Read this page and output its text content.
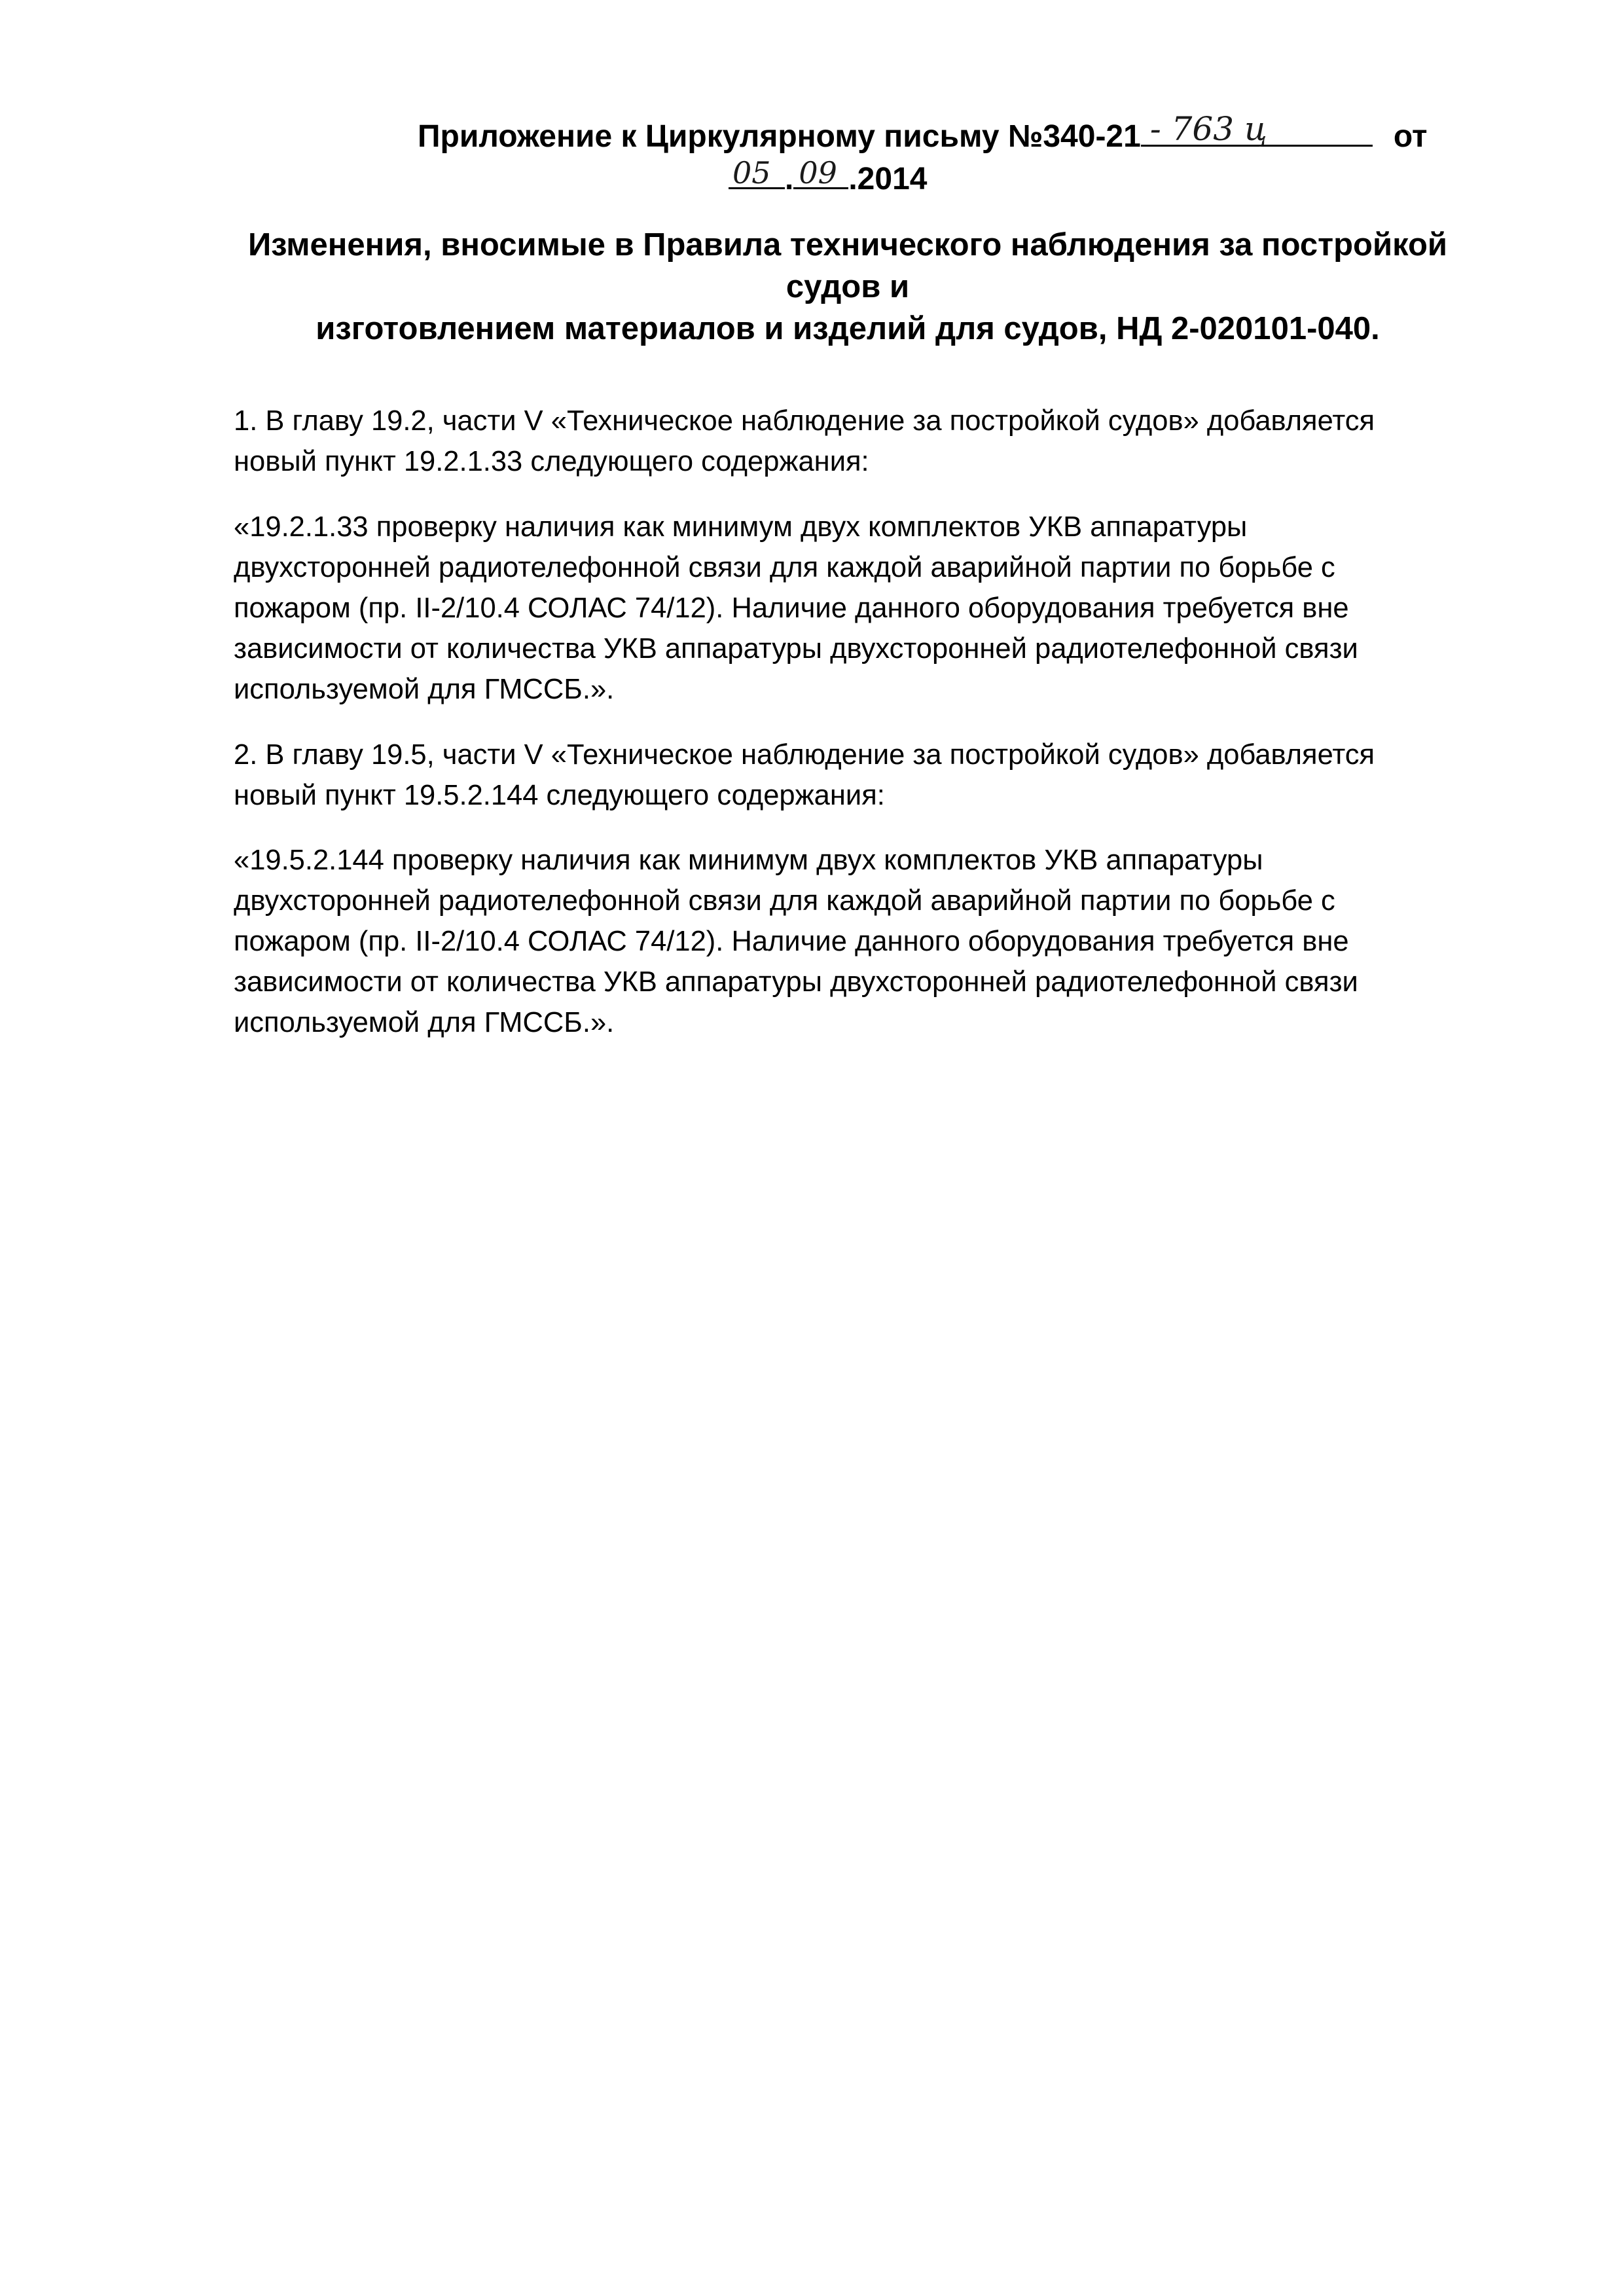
Приложение к Циркулярному письму №340-21 - 763 ц	от
05 . 09 .2014
Изменения, вносимые в Правила технического наблюдения за постройкой судов и
изготовлением материалов и изделий для судов, НД 2-020101-040.
1. В главу 19.2, части V «Техническое наблюдение за постройкой судов» добавляется
новый пункт 19.2.1.33 следующего содержания:
«19.2.1.33 проверку наличия как минимум двух комплектов УКВ аппаратуры
двухсторонней радиотелефонной связи для каждой аварийной партии по борьбе с
пожаром (пр. II-2/10.4 СОЛАС 74/12). Наличие данного оборудования требуется вне
зависимости от количества УКВ аппаратуры двухсторонней радиотелефонной связи
используемой для ГМССБ.».
2. В главу 19.5, части V «Техническое наблюдение за постройкой судов» добавляется
новый пункт 19.5.2.144 следующего содержания:
«19.5.2.144 проверку наличия как минимум двух комплектов УКВ аппаратуры
двухсторонней радиотелефонной связи для каждой аварийной партии по борьбе с
пожаром (пр. II-2/10.4 СОЛАС 74/12). Наличие данного оборудования требуется вне
зависимости от количества УКВ аппаратуры двухсторонней радиотелефонной связи
используемой для ГМССБ.».
